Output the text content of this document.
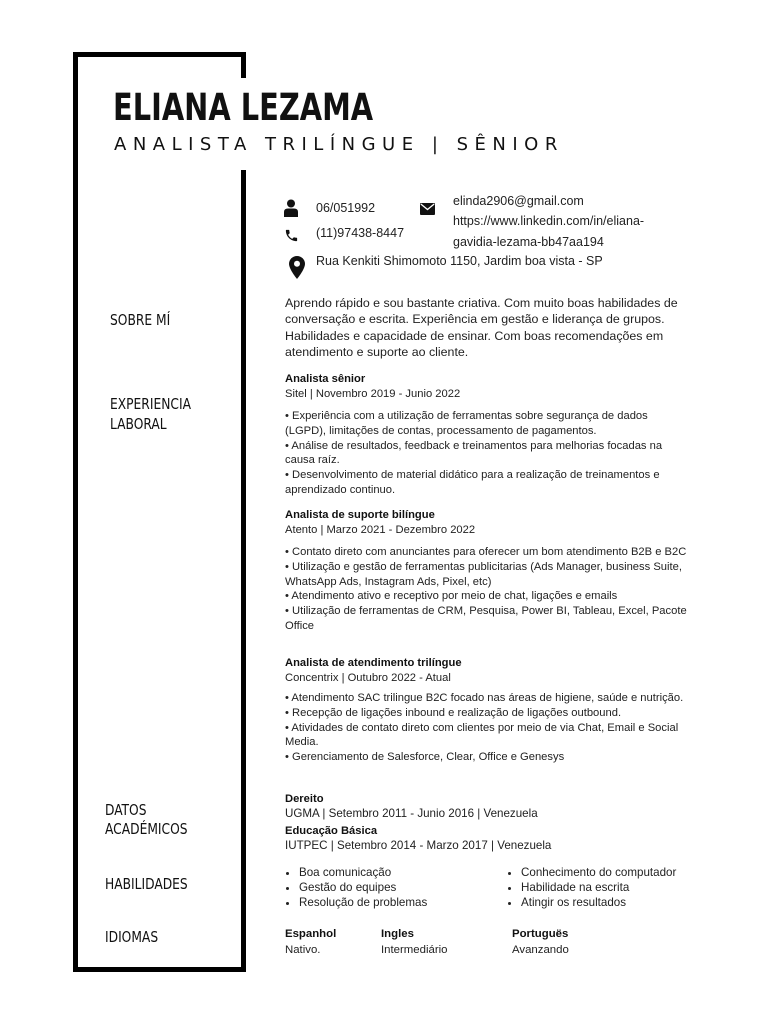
ELIANA LEZAMA
ANALISTA TRILÍNGUE | SÊNIOR
06/051992
(11)97438-8447
elinda2906@gmail.com
https://www.linkedin.com/in/eliana-
gavidia-lezama-bb47aa194
Rua Kenkiti Shimomoto 1150, Jardim boa vista - SP
SOBRE MÍ
EXPERIENCIA
LABORAL
DATOS
ACADÉMICOS
HABILIDADES
IDIOMAS

Aprendo rápido e sou bastante criativa. Com muito boas habilidades de conversação e escrita. Experiência em gestão e liderança de grupos. Habilidades e capacidade de ensinar. Com boas recomendações em atendimento e suporte ao cliente.

Analista sênior
Sitel | Novembro 2019 - Junio 2022
• Experiência com a utilização de ferramentas sobre segurança de dados (LGPD), limitações de contas, processamento de pagamentos.
• Análise de resultados, feedback e treinamentos para melhorias focadas na causa raíz.
• Desenvolvimento de material didático para a realização de treinamentos e aprendizado continuo.
Analista de suporte bilíngue
Atento | Marzo 2021 - Dezembro 2022
• Contato direto com anunciantes para oferecer um bom atendimento B2B e B2C
• Utilização e gestão de ferramentas publicitarias (Ads Manager, business Suite, WhatsApp Ads, Instagram Ads, Pixel, etc)
• Atendimento ativo e receptivo por meio de chat, ligações e emails
• Utilização de ferramentas de CRM, Pesquisa, Power BI, Tableau, Excel, Pacote Office
Analista de atendimento trilíngue
Concentrix | Outubro 2022 - Atual
• Atendimento SAC trilingue B2C focado nas áreas de higiene, saúde e nutrição.
• Recepção de ligações inbound e realização de ligações outbound.
• Atividades de contato direto com clientes por meio de via Chat, Email e Social Media.
• Gerenciamento de Salesforce, Clear, Office e Genesys
Dereito
UGMA | Setembro 2011 - Junio 2016 | Venezuela
Educação Básica
IUTPEC | Setembro 2014 - Marzo 2017 | Venezuela
• Boa comunicação
• Gestão do equipes
• Resolução de problemas
• Conhecimento do computador
• Habilidade na escrita
• Atingir os resultados
Espanhol
Nativo.
Ingles
Intermediário
Portuguës
Avanzando
